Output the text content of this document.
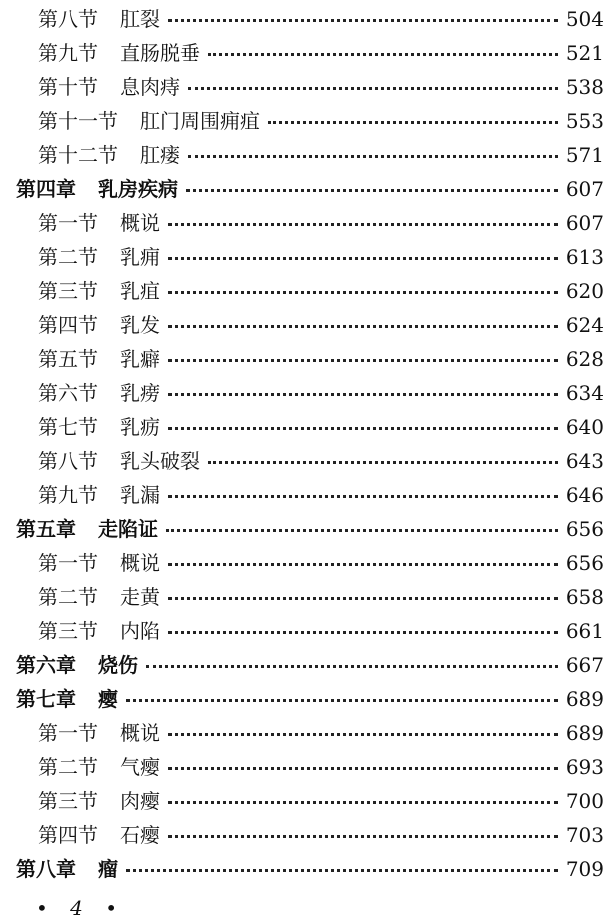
第八节 肛裂	504
第九节 直肠脱垂	521
第十节 息肉痔	538
第十一节 肛门周围痈疽	553
第十二节 肛瘘	571
第四章 乳房疾病	607
第一节 概说	607
第二节 乳痈	613
第三节 乳疽	620
第四节 乳发	624
第五节 乳癖	628
第六节 乳痨	634
第七节 乳疬	640
第八节 乳头破裂	643
第九节 乳漏	646
第五章 走陷证	656
第一节 概说	656
第二节 走黄	658
第三节 内陷	661
第六章 烧伤	667
第七章 瘿	689
第一节 概说	689
第二节 气瘿	693
第三节 肉瘿	700
第四节 石瘿	703
第八章 瘤	709
• 4 •
